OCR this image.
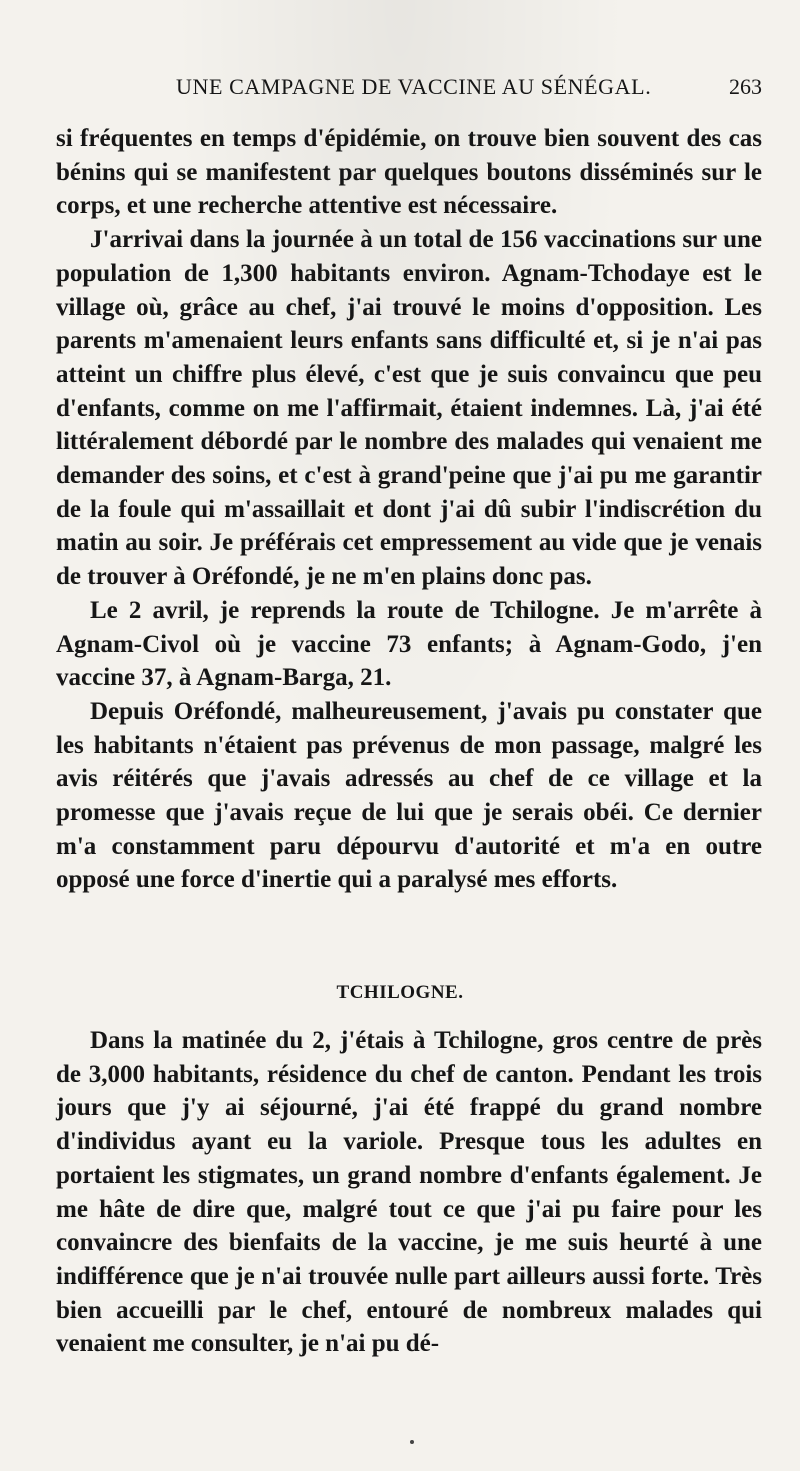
UNE CAMPAGNE DE VACCINE AU SÉNÉGAL.	263

si fréquentes en temps d'épidémie, on trouve bien souvent des cas bénins qui se manifestent par quelques boutons disséminés sur le corps, et une recherche attentive est nécessaire.

J'arrivai dans la journée à un total de 156 vaccinations sur une population de 1,300 habitants environ. Agnam-Tchodaye est le village où, grâce au chef, j'ai trouvé le moins d'opposition. Les parents m'amenaient leurs enfants sans difficulté et, si je n'ai pas atteint un chiffre plus élevé, c'est que je suis convaincu que peu d'enfants, comme on me l'affirmait, étaient indemnes. Là, j'ai été littéralement débordé par le nombre des malades qui venaient me demander des soins, et c'est à grand'peine que j'ai pu me garantir de la foule qui m'assaillait et dont j'ai dû subir l'indiscrétion du matin au soir. Je préférais cet empressement au vide que je venais de trouver à Oréfondé, je ne m'en plains donc pas.

Le 2 avril, je reprends la route de Tchilogne. Je m'arrête à Agnam-Civol où je vaccine 73 enfants; à Agnam-Godo, j'en vaccine 37, à Agnam-Barga, 21.

Depuis Oréfondé, malheureusement, j'avais pu constater que les habitants n'étaient pas prévenus de mon passage, malgré les avis réitérés que j'avais adressés au chef de ce village et la promesse que j'avais reçue de lui que je serais obéi. Ce dernier m'a constamment paru dépourvu d'autorité et m'a en outre opposé une force d'inertie qui a paralysé mes efforts.

TCHILOGNE.

Dans la matinée du 2, j'étais à Tchilogne, gros centre de près de 3,000 habitants, résidence du chef de canton. Pendant les trois jours que j'y ai séjourné, j'ai été frappé du grand nombre d'individus ayant eu la variole. Presque tous les adultes en portaient les stigmates, un grand nombre d'enfants également. Je me hâte de dire que, malgré tout ce que j'ai pu faire pour les convaincre des bienfaits de la vaccine, je me suis heurté à une indifférence que je n'ai trouvée nulle part ailleurs aussi forte. Très bien accueilli par le chef, entouré de nombreux malades qui venaient me consulter, je n'ai pu dé-
